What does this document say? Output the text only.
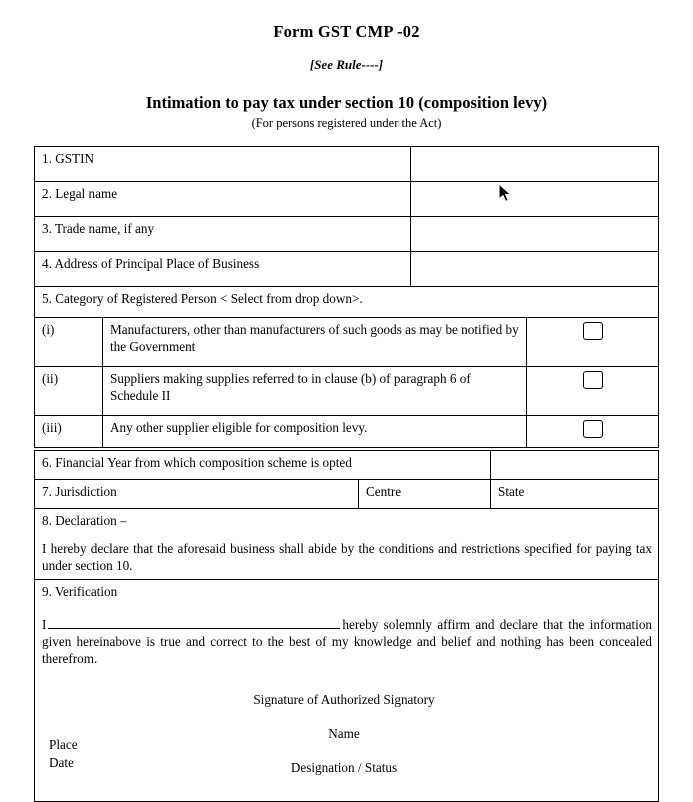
Form GST CMP -02
[See Rule----]
Intimation to pay tax under section 10 (composition levy)
(For persons registered under the Act)
1. GSTIN	
2. Legal name	
3. Trade name, if any	
4. Address of Principal Place of Business	
5. Category of Registered Person < Select from drop down>.	
(i)	Manufacturers, other than manufacturers of such goods as may be notified by the Government	
(ii)	Suppliers making supplies referred to in clause (b) of paragraph 6 of Schedule II	
(iii)	Any other supplier eligible for composition levy.	
6. Financial Year from which composition scheme is opted		
7. Jurisdiction	Centre	State

8. Declaration –

I hereby declare that the aforesaid business shall abide by the conditions and restrictions specified for paying tax under section 10.		

9. Verification

I hereby solemnly affirm and declare that the information given hereinabove is true and correct to the best of my knowledge and belief and nothing has been concealed therefrom.		

Signature of Authorized Signatory
Name
Designation / Status
Place
Date		
